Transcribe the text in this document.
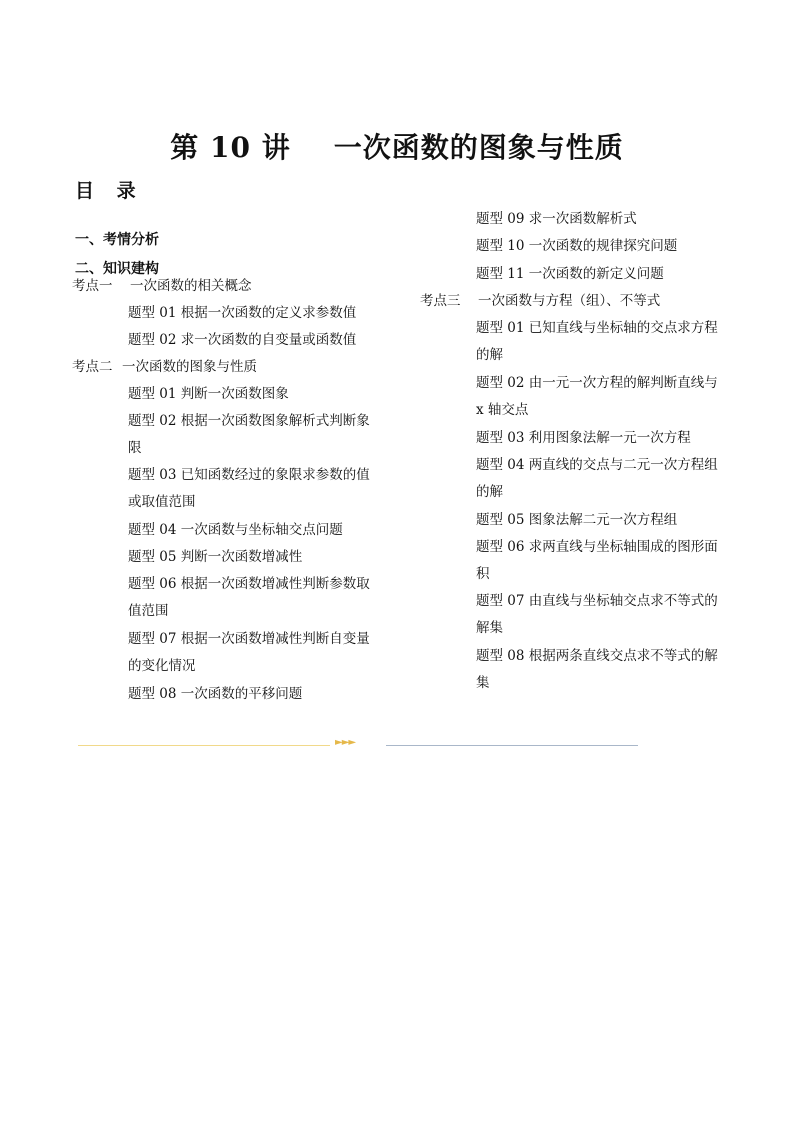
第 10 讲    一次函数的图象与性质
目 录
一、考情分析
二、知识建构
考点一 一次函数的相关概念
题型 01 根据一次函数的定义求参数值
题型 02 求一次函数的自变量或函数值
考点二 一次函数的图象与性质
题型 01 判断一次函数图象
题型 02 根据一次函数图象解析式判断象限
题型 03 已知函数经过的象限求参数的值或取值范围
题型 04 一次函数与坐标轴交点问题
题型 05 判断一次函数增减性
题型 06 根据一次函数增减性判断参数取值范围
题型 07 根据一次函数增减性判断自变量的变化情况
题型 08 一次函数的平移问题
题型 09 求一次函数解析式
题型 10 一次函数的规律探究问题
题型 11 一次函数的新定义问题
考点三 一次函数与方程（组）、不等式
题型 01 已知直线与坐标轴的交点求方程的解
题型 02 由一元一次方程的解判断直线与 x 轴交点
题型 03 利用图象法解一元一次方程
题型 04 两直线的交点与二元一次方程组的解
题型 05 图象法解二元一次方程组
题型 06 求两直线与坐标轴围成的图形面积
题型 07 由直线与坐标轴交点求不等式的解集
题型 08 根据两条直线交点求不等式的解集
►►►
